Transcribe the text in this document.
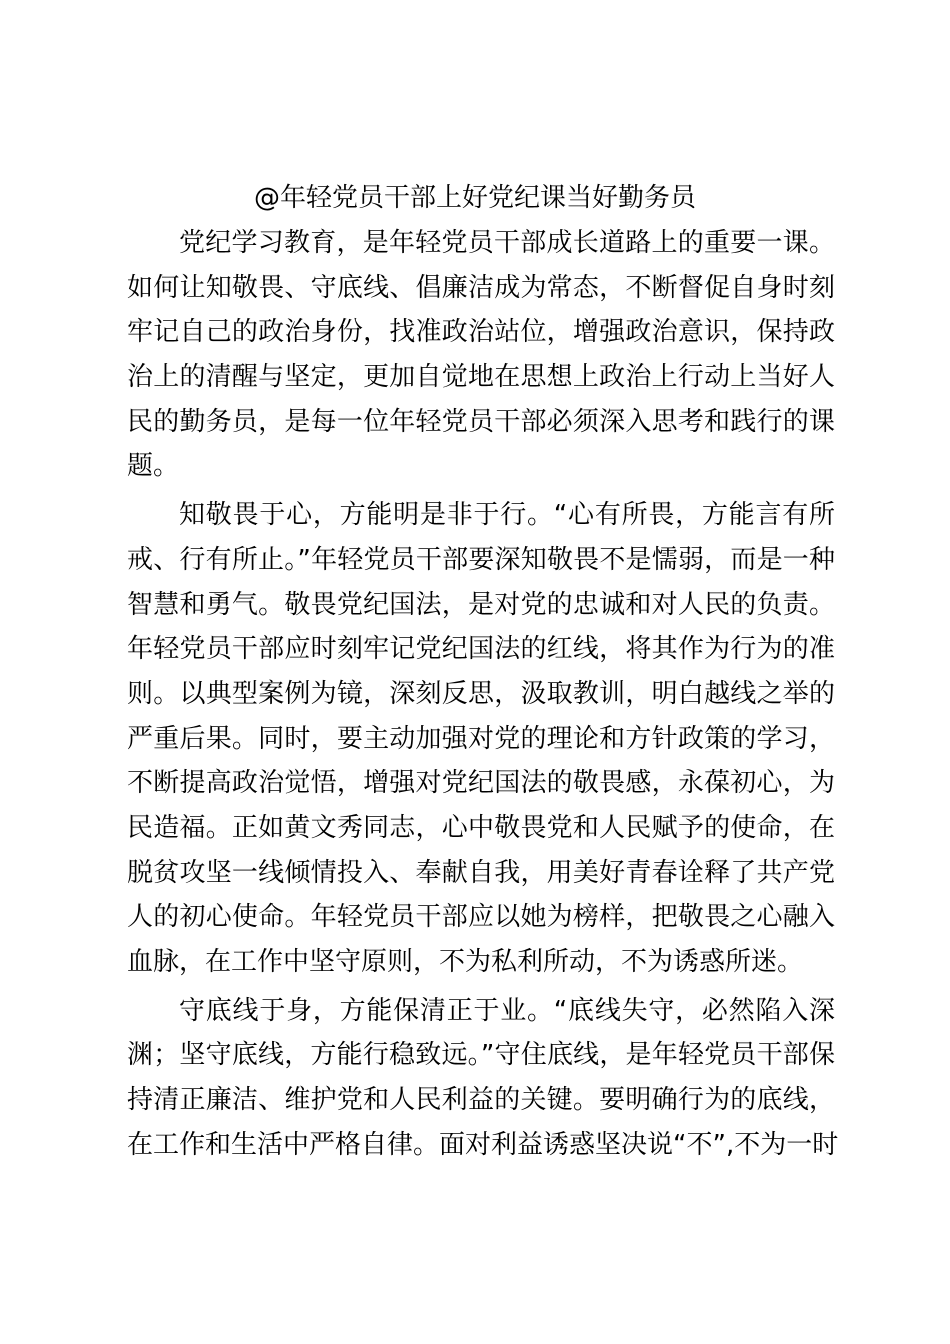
@年轻党员干部上好党纪课当好勤务员
党纪学习教育，是年轻党员干部成长道路上的重要一课。
如何让知敬畏、守底线、倡廉洁成为常态，不断督促自身时刻
牢记自己的政治身份，找准政治站位，增强政治意识，保持政
治上的清醒与坚定，更加自觉地在思想上政治上行动上当好人
民的勤务员，是每一位年轻党员干部必须深入思考和践行的课
题。
知敬畏于心，方能明是非于行。“心有所畏，方能言有所
戒、行有所止。”年轻党员干部要深知敬畏不是懦弱，而是一种
智慧和勇气。敬畏党纪国法，是对党的忠诚和对人民的负责。
年轻党员干部应时刻牢记党纪国法的红线，将其作为行为的准
则。以典型案例为镜，深刻反思，汲取教训，明白越线之举的
严重后果。同时，要主动加强对党的理论和方针政策的学习，
不断提高政治觉悟，增强对党纪国法的敬畏感，永葆初心，为
民造福。正如黄文秀同志，心中敬畏党和人民赋予的使命，在
脱贫攻坚一线倾情投入、奉献自我，用美好青春诠释了共产党
人的初心使命。年轻党员干部应以她为榜样，把敬畏之心融入
血脉，在工作中坚守原则，不为私利所动，不为诱惑所迷。
守底线于身，方能保清正于业。“底线失守，必然陷入深
渊；坚守底线，方能行稳致远。”守住底线，是年轻党员干部保
持清正廉洁、维护党和人民利益的关键。要明确行为的底线，
在工作和生活中严格自律。面对利益诱惑坚决说“不”,不为一时
